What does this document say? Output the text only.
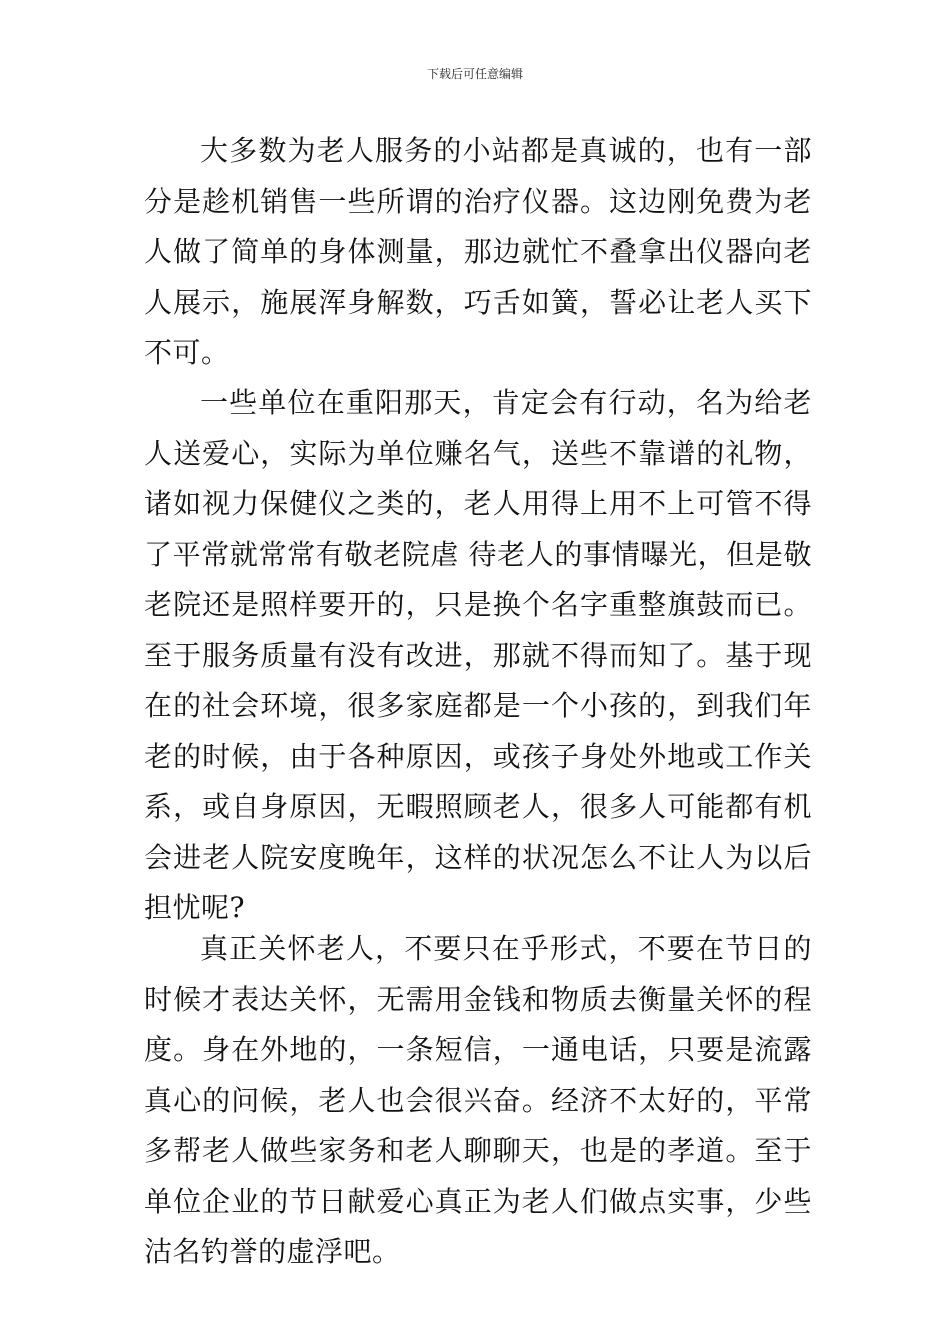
下载后可任意编辑

大多数为老人服务的小站都是真诚的，也有一部分是趁机销售一些所谓的治疗仪器。这边刚免费为老人做了简单的身体测量，那边就忙不叠拿出仪器向老人展示，施展浑身解数，巧舌如簧，誓必让老人买下不可。

一些单位在重阳那天，肯定会有行动，名为给老人送爱心，实际为单位赚名气，送些不靠谱的礼物，诸如视力保健仪之类的，老人用得上用不上可管不得了平常就常常有敬老院虐 待老人的事情曝光，但是敬老院还是照样要开的，只是换个名字重整旗鼓而已。至于服务质量有没有改进，那就不得而知了。基于现在的社会环境，很多家庭都是一个小孩的，到我们年老的时候，由于各种原因，或孩子身处外地或工作关系，或自身原因，无暇照顾老人，很多人可能都有机会进老人院安度晚年，这样的状况怎么不让人为以后担忧呢?

真正关怀老人，不要只在乎形式，不要在节日的时候才表达关怀，无需用金钱和物质去衡量关怀的程度。身在外地的，一条短信，一通电话，只要是流露真心的问候，老人也会很兴奋。经济不太好的，平常多帮老人做些家务和老人聊聊天，也是的孝道。至于单位企业的节日献爱心真正为老人们做点实事，少些沽名钓誉的虚浮吧。
